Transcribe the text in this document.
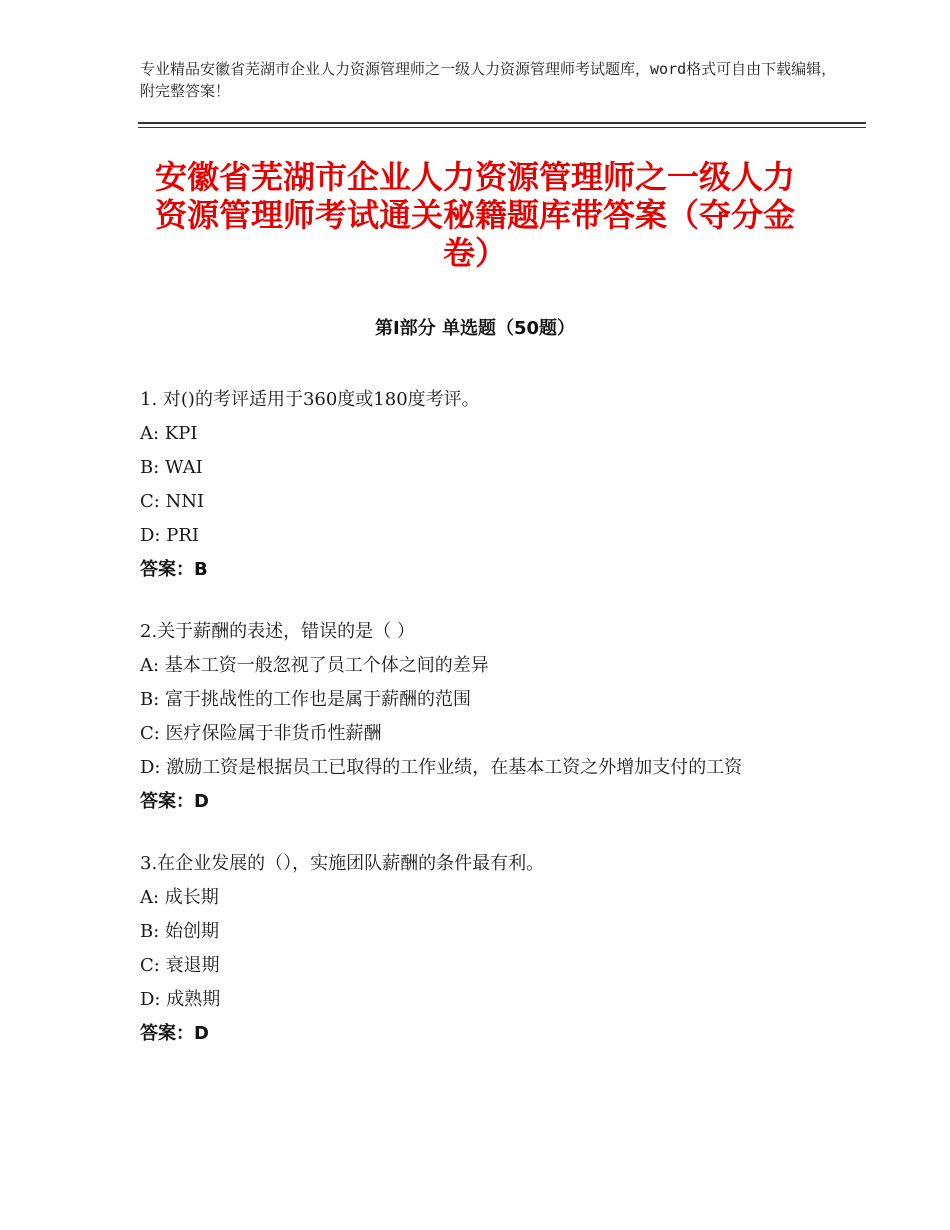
专业精品安徽省芜湖市企业人力资源管理师之一级人力资源管理师考试题库，word格式可自由下载编辑，附完整答案！
安徽省芜湖市企业人力资源管理师之一级人力资源管理师考试通关秘籍题库带答案（夺分金卷）
第Ⅰ部分 单选题（50题）
1. 对()的考评适用于360度或180度考评。
A: KPI
B: WAI
C: NNI
D: PRI
答案：B
2.关于薪酬的表述，错误的是（ ）
A: 基本工资一般忽视了员工个体之间的差异
B: 富于挑战性的工作也是属于薪酬的范围
C: 医疗保险属于非货币性薪酬
D: 激励工资是根据员工已取得的工作业绩，在基本工资之外增加支付的工资
答案：D
3.在企业发展的（），实施团队薪酬的条件最有利。
A: 成长期
B: 始创期
C: 衰退期
D: 成熟期
答案：D
